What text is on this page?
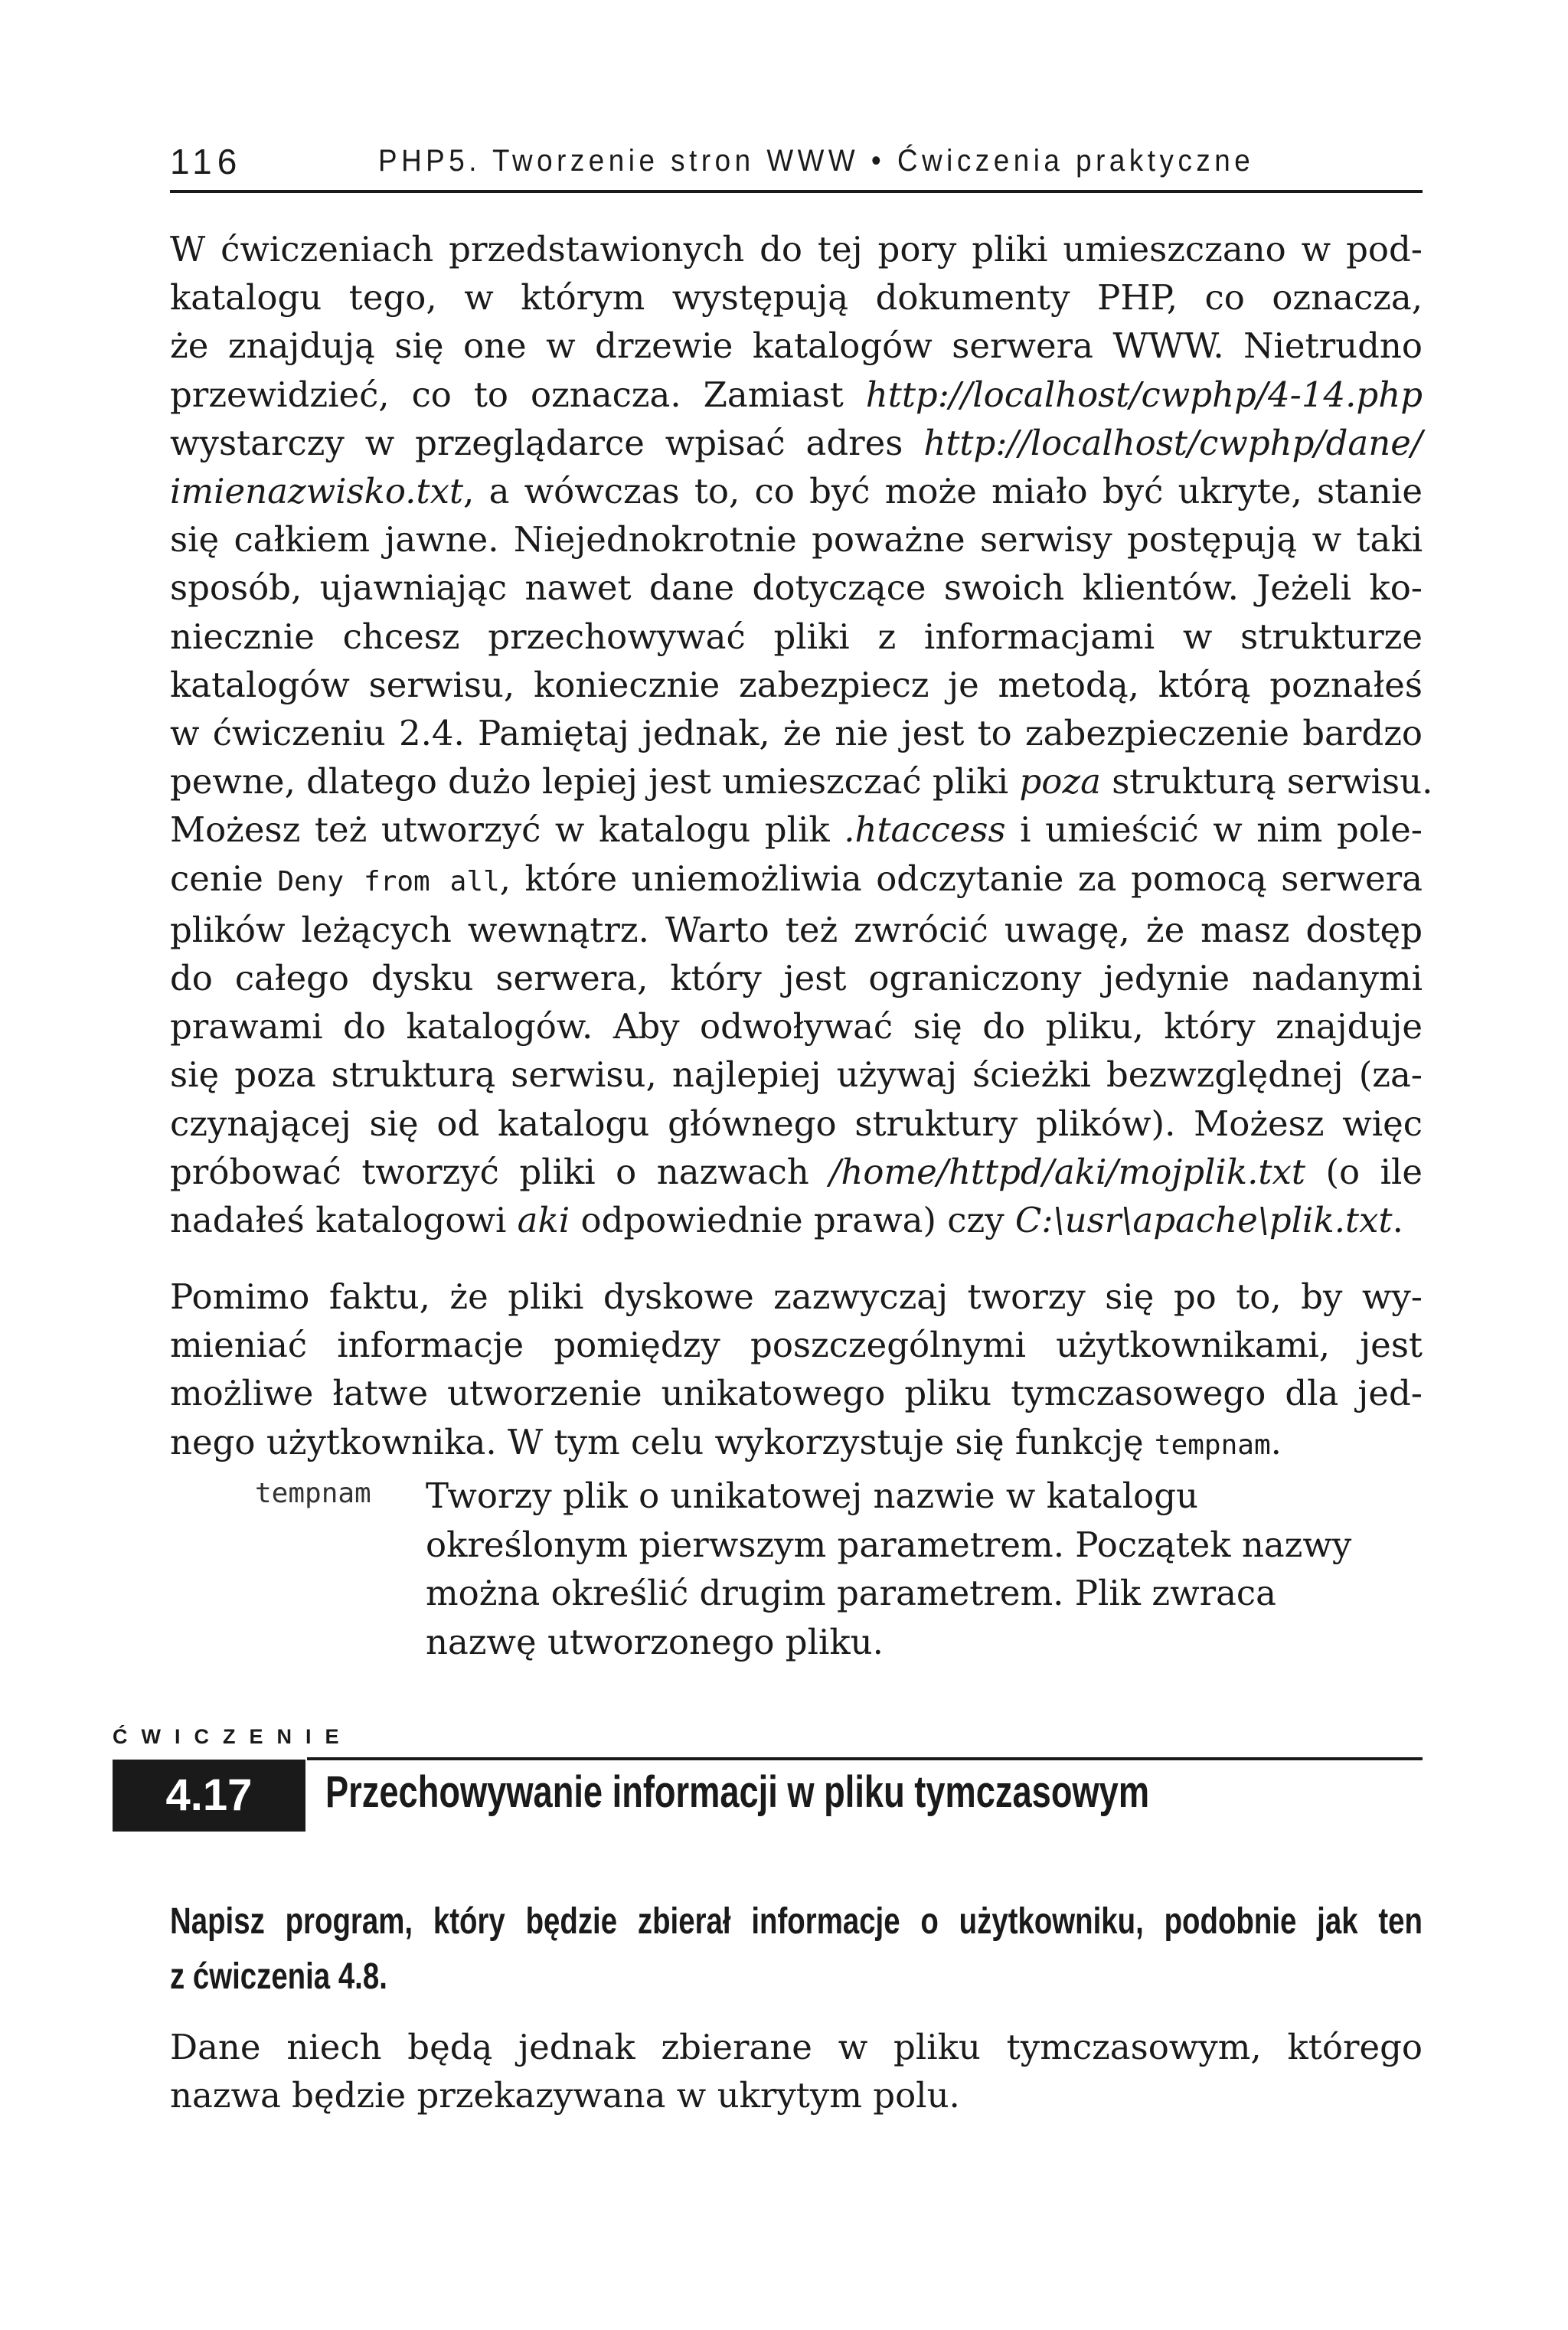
116	PHP5. Tworzenie stron WWW • Ćwiczenia praktyczne
W ćwiczeniach przedstawionych do tej pory pliki umieszczano w pod-
katalogu tego, w którym występują dokumenty PHP, co oznacza,
że znajdują się one w drzewie katalogów serwera WWW. Nietrudno
przewidzieć, co to oznacza. Zamiast http://localhost/cwphp/4-14.php
wystarczy w przeglądarce wpisać adres http://localhost/cwphp/dane/
imienazwisko.txt, a wówczas to, co być może miało być ukryte, stanie
się całkiem jawne. Niejednokrotnie poważne serwisy postępują w taki
sposób, ujawniając nawet dane dotyczące swoich klientów. Jeżeli ko-
niecznie chcesz przechowywać pliki z informacjami w strukturze
katalogów serwisu, koniecznie zabezpiecz je metodą, którą poznałeś
w ćwiczeniu 2.4. Pamiętaj jednak, że nie jest to zabezpieczenie bardzo
pewne, dlatego dużo lepiej jest umieszczać pliki poza strukturą serwisu.
Możesz też utworzyć w katalogu plik .htaccess i umieścić w nim pole-
cenie Deny from all, które uniemożliwia odczytanie za pomocą serwera
plików leżących wewnątrz. Warto też zwrócić uwagę, że masz dostęp
do całego dysku serwera, który jest ograniczony jedynie nadanymi
prawami do katalogów. Aby odwoływać się do pliku, który znajduje
się poza strukturą serwisu, najlepiej używaj ścieżki bezwzględnej (za-
czynającej się od katalogu głównego struktury plików). Możesz więc
próbować tworzyć pliki o nazwach /home/httpd/aki/mojplik.txt (o ile
nadałeś katalogowi aki odpowiednie prawa) czy C:\usr\apache\plik.txt.
Pomimo faktu, że pliki dyskowe zazwyczaj tworzy się po to, by wy-
mieniać informacje pomiędzy poszczególnymi użytkownikami, jest
możliwe łatwe utworzenie unikatowego pliku tymczasowego dla jed-
nego użytkownika. W tym celu wykorzystuje się funkcję tempnam.
tempnam Tworzy plik o unikatowej nazwie w katalogu
określonym pierwszym parametrem. Początek nazwy
można określić drugim parametrem. Plik zwraca
nazwę utworzonego pliku.
ĆWICZENIE
4.17	Przechowywanie informacji w pliku tymczasowym
Napisz program, który będzie zbierał informacje o użytkowniku, podobnie jak ten
z ćwiczenia 4.8.
Dane niech będą jednak zbierane w pliku tymczasowym, którego
nazwa będzie przekazywana w ukrytym polu.
